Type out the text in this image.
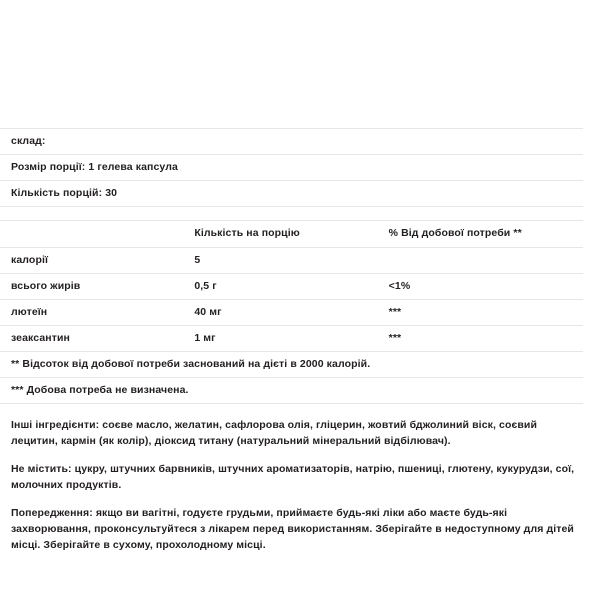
склад:		
Розмір порції: 1 гелева капсула		
Кількість порцій: 30		

	Кількість на порцію	% Від добової потреби **
калорії	5	
всього жирів	0,5 г	<1%
лютеїн	40 мг	***
зеаксантин	1 мг	***
** Відсоток від добової потреби заснований на дієті в 2000 калорій.		
*** Добова потреба не визначена.		

Інші інгредієнти: соєве масло, желатин, сафлорова олія, гліцерин, жовтий бджолиний віск, соєвий лецитин, кармін (як колір), діоксид титану (натуральний мінеральний відбілювач).

Не містить: цукру, штучних барвників, штучних ароматизаторів, натрію, пшениці, глютену, кукурудзи, сої, молочних продуктів.

Попередження: якщо ви вагітні, годуєте грудьми, приймаєте будь-які ліки або маєте будь-які захворювання, проконсультуйтеся з лікарем перед використанням. Зберігайте в недоступному для дітей місці. Зберігайте в сухому, прохолодному місці.
